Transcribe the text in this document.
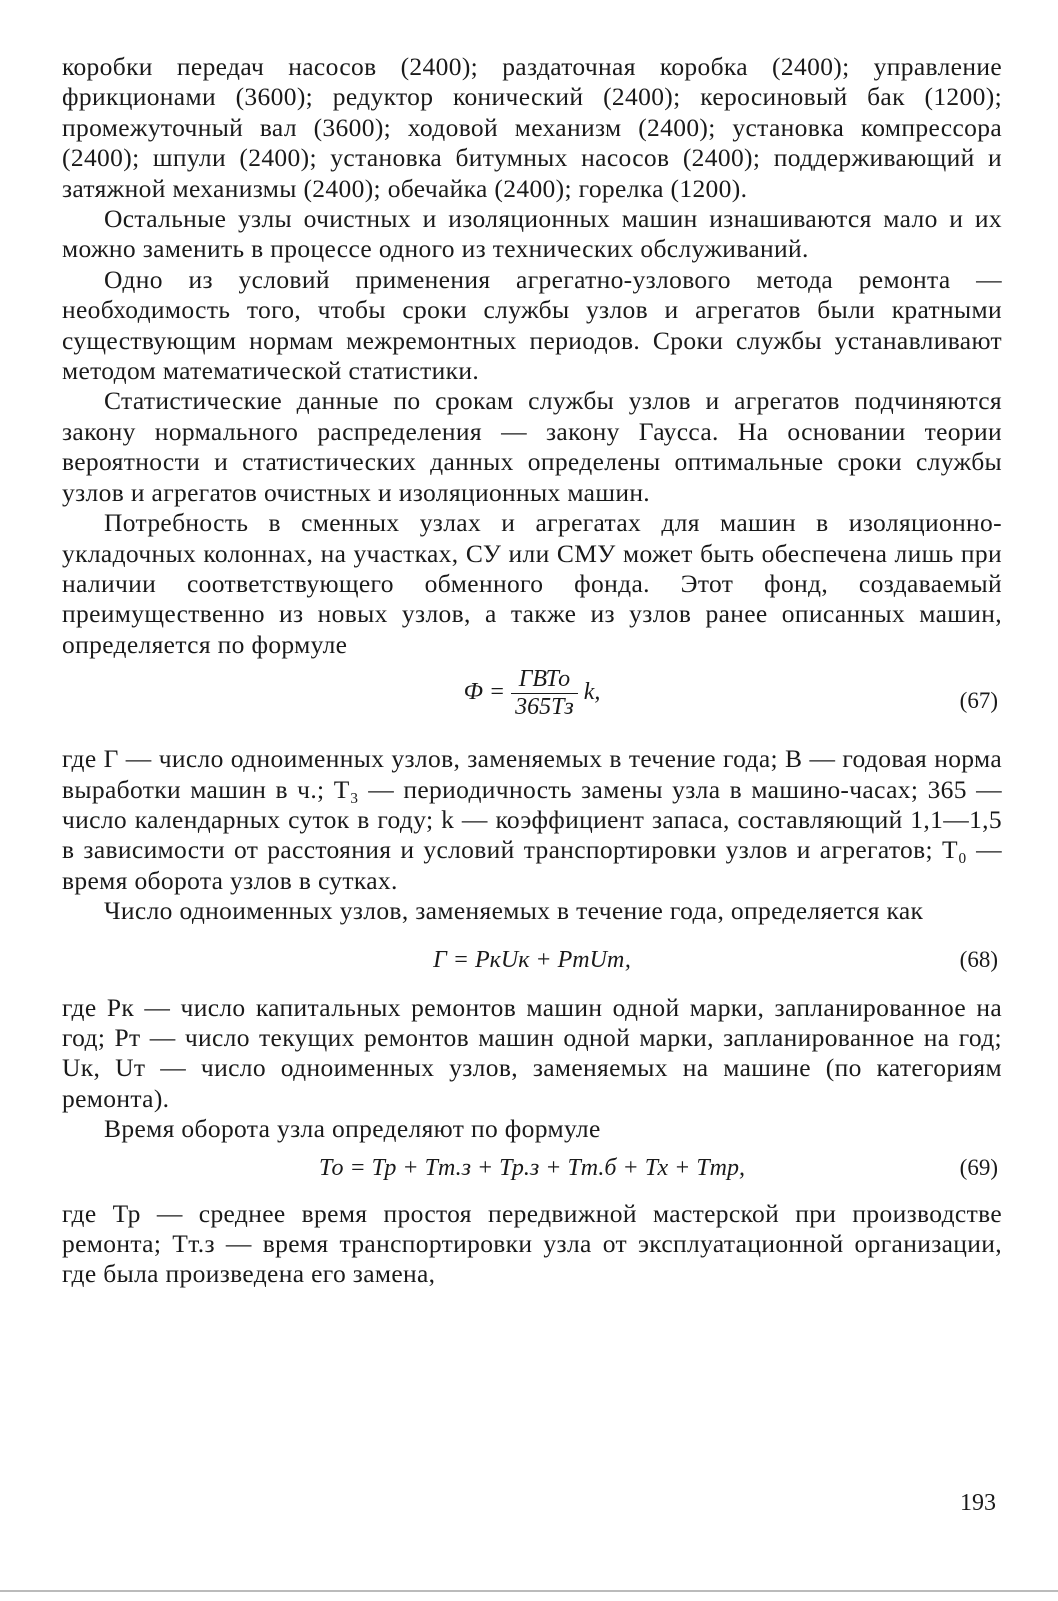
коробки передач насосов (2400); раздаточная коробка (2400); управление фрикционами (3600); редуктор конический (2400); керосиновый бак (1200); промежуточный вал (3600); ходовой механизм (2400); установка компрессора (2400); шпули (2400); установка битумных насосов (2400); поддерживающий и затяжной механизмы (2400); обечайка (2400); горелка (1200).

Остальные узлы очистных и изоляционных машин изнашиваются мало и их можно заменить в процессе одного из технических обслуживаний.

Одно из условий применения агрегатно-узлового метода ремонта — необходимость того, чтобы сроки службы узлов и агрегатов были кратными существующим нормам межремонтных периодов. Сроки службы устанавливают методом математической статистики.

Статистические данные по срокам службы узлов и агрегатов подчиняются закону нормального распределения — закону Гаусса. На основании теории вероятности и статистических данных определены оптимальные сроки службы узлов и агрегатов очистных и изоляционных машин.

Потребность в сменных узлах и агрегатах для машин в изоляционно-укладочных колоннах, на участках, СУ или СМУ может быть обеспечена лишь при наличии соответствующего обменного фонда. Этот фонд, создаваемый преимущественно из новых узлов, а также из узлов ранее описанных машин, определяется по формуле

$Ф = \frac{\text{ГВТо}}{365Тз} k$,	(67)

где Г — число одноименных узлов, заменяемых в течение года; В — годовая норма выработки машин в ч.; Т₃ — периодичность замены узла в машино-часах; 365 — число календарных суток в году; k — коэффициент запаса, составляющий 1,1—1,5 в зависимости от расстояния и условий транспортировки узлов и агрегатов; Т₀ — время оборота узлов в сутках.

Число одноименных узлов, заменяемых в течение года, определяется как

Г = РкUк + РтUт,	(68)

где Рк — число капитальных ремонтов машин одной марки, запланированное на год; Рт — число текущих ремонтов машин одной марки, запланированное на год; Uк, Uт — число одноименных узлов, заменяемых на машине (по категориям ремонта).

Время оборота узла определяют по формуле

То = Тр + Тт.з + Тр.з + Тт.б + Тх + Ттр,	(69)

где Тр — среднее время простоя передвижной мастерской при производстве ремонта; Тт.з — время транспортировки узла от эксплуатационной организации, где была произведена его замена,

193
